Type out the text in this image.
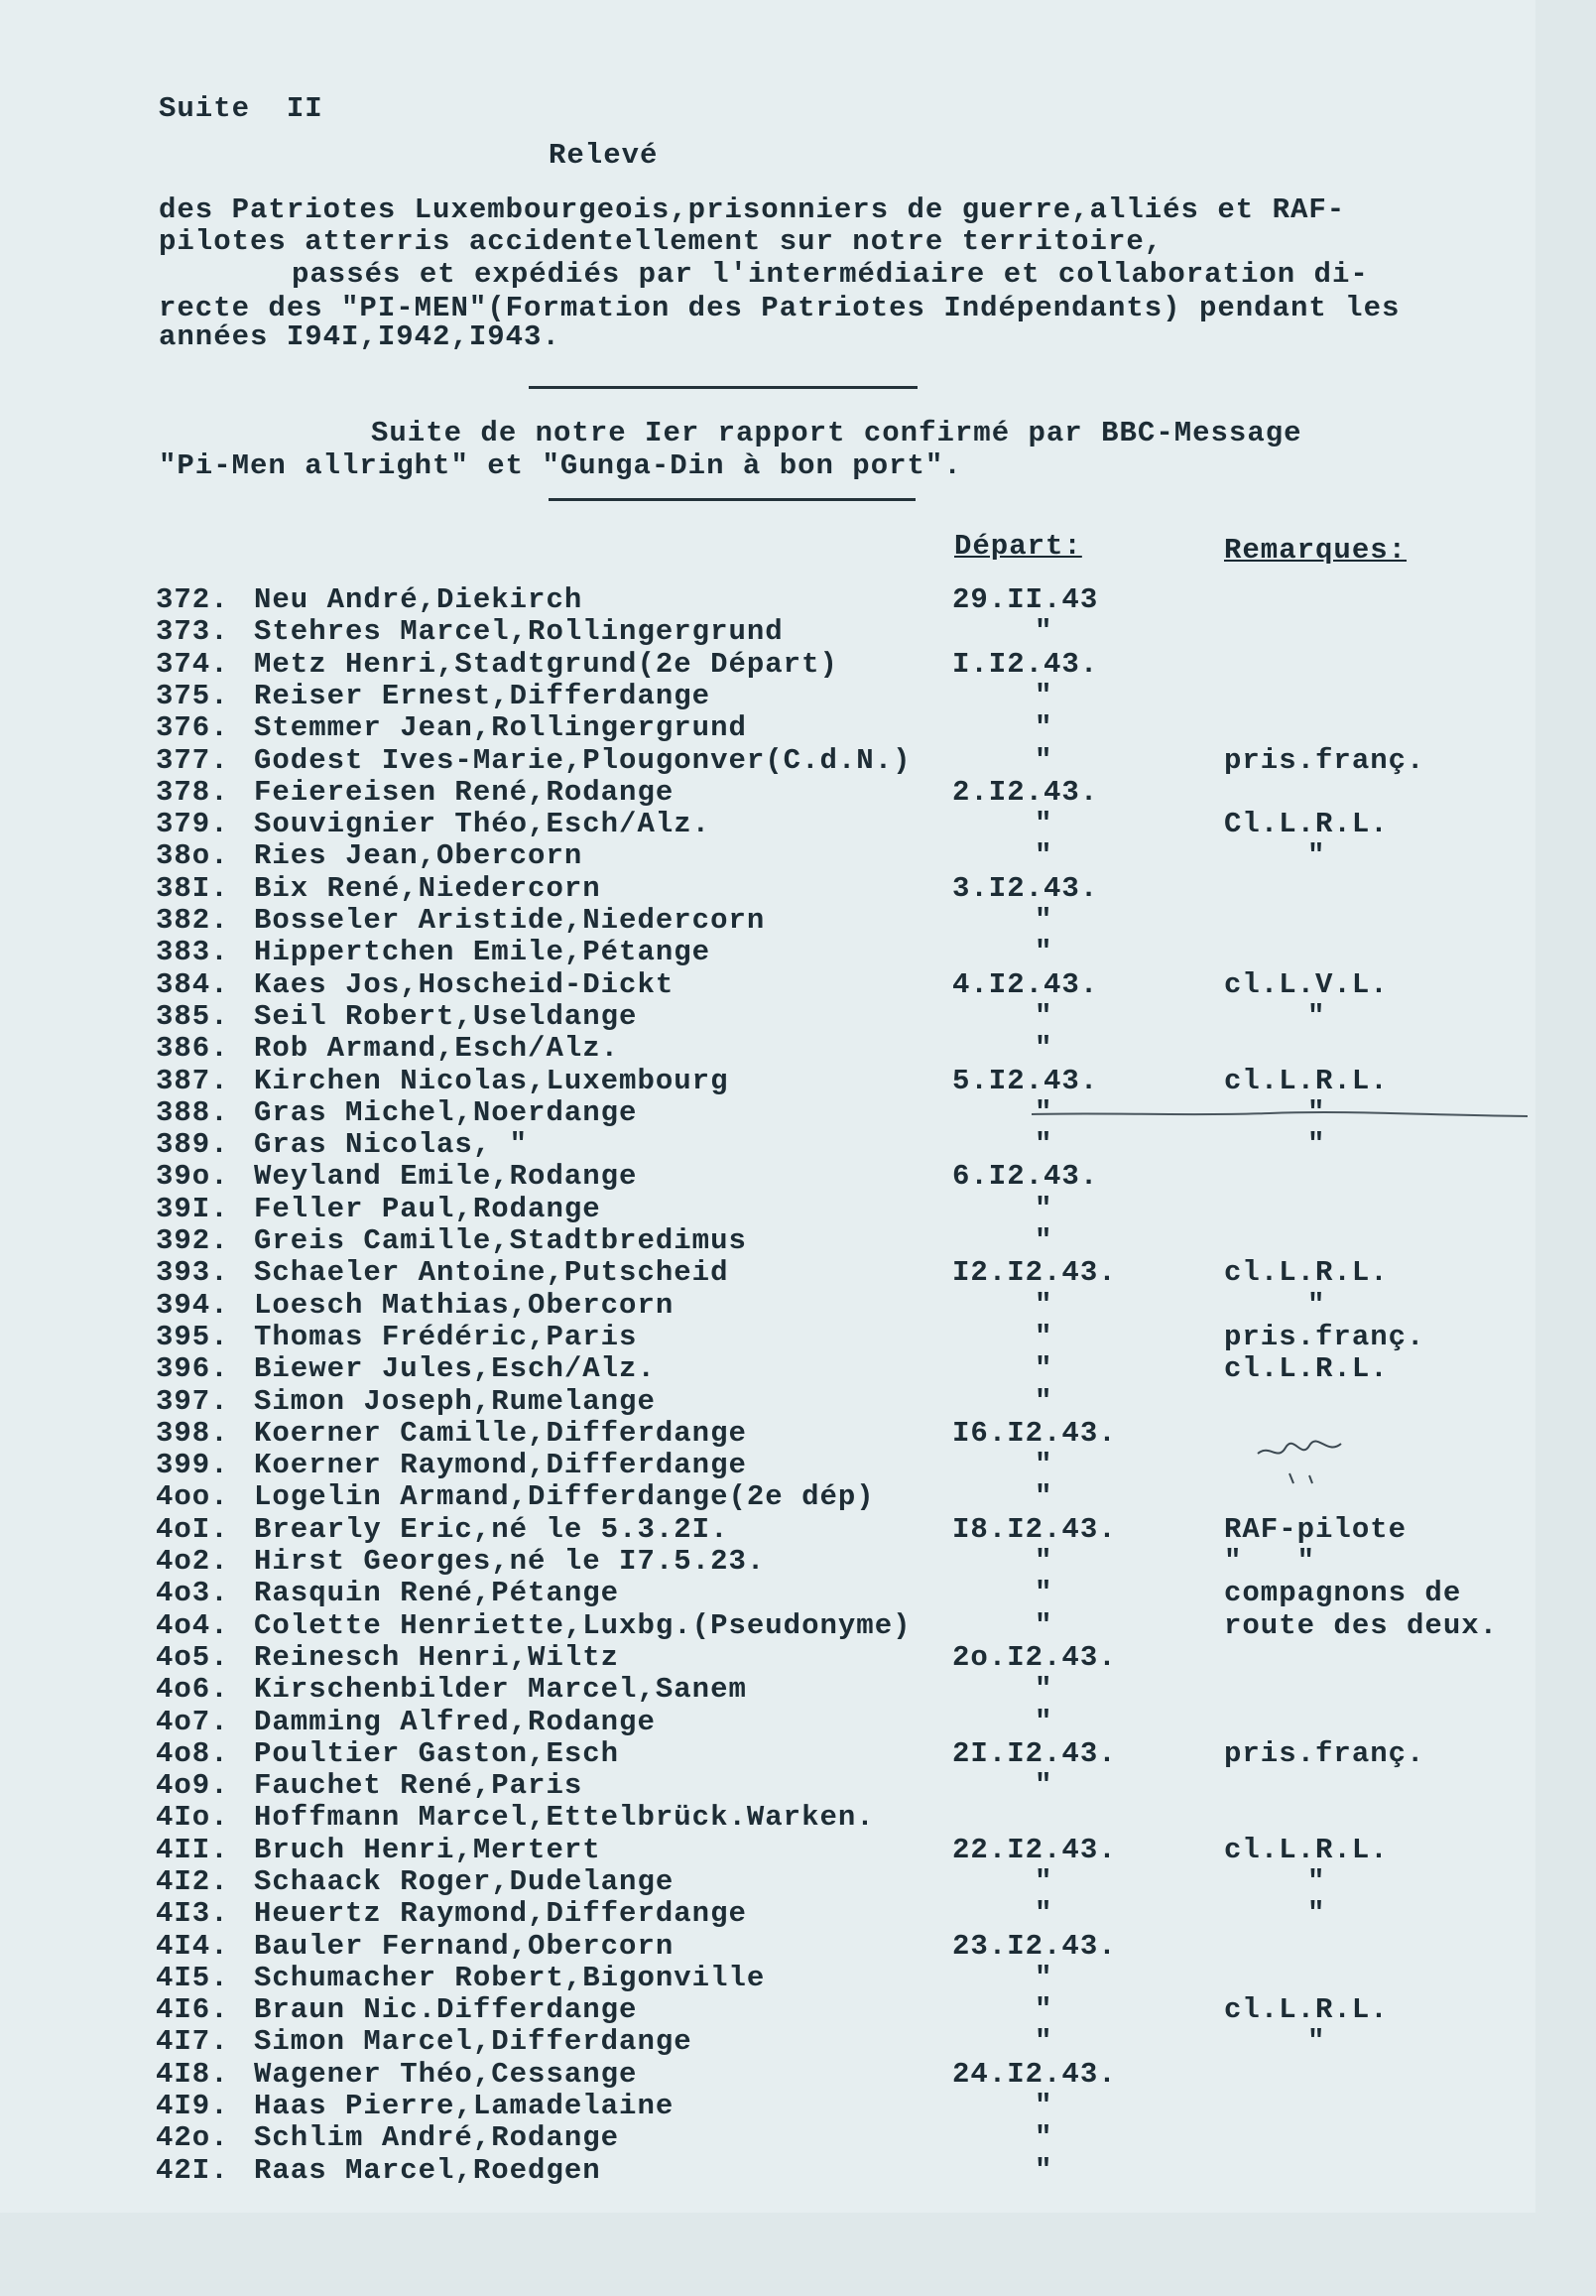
Suite  II
Relevé
des Patriotes Luxembourgeois,prisonniers de guerre,alliés et RAF-
pilotes atterris accidentellement sur notre territoire,
passés et expédiés par l'intermédiaire et collaboration di-
recte des "PI-MEN"(Formation des Patriotes Indépendants) pendant les
années I94I,I942,I943.
Suite de notre Ier rapport confirmé par BBC-Message
"Pi-Men allright" et "Gunga-Din à bon port".
Départ:	Remarques:
372. Neu André,Diekirch	29.II.43
373. Stehres Marcel,Rollingergrund	"
374. Metz Henri,Stadtgrund(2e Départ)	I.I2.43.
375. Reiser Ernest,Differdange	"
376. Stemmer Jean,Rollingergrund	"
377. Godest Ives-Marie,Plougonver(C.d.N.)	"	pris.franç.
378. Feiereisen René,Rodange	2.I2.43.
379. Souvignier Théo,Esch/Alz.	"	Cl.L.R.L.
38o. Ries Jean,Obercorn	"	"
38I. Bix René,Niedercorn	3.I2.43.
382. Bosseler Aristide,Niedercorn	"
383. Hippertchen Emile,Pétange	"
384. Kaes Jos,Hoscheid-Dickt	4.I2.43.	cl.L.V.L.
385. Seil Robert,Useldange	"	"
386. Rob Armand,Esch/Alz.	"
387. Kirchen Nicolas,Luxembourg	5.I2.43.	cl.L.R.L.
388. Gras Michel,Noerdange	"	"
389. Gras Nicolas, "	"	"
39o. Weyland Emile,Rodange	6.I2.43.
39I. Feller Paul,Rodange	"
392. Greis Camille,Stadtbredimus	"
393. Schaeler Antoine,Putscheid	I2.I2.43.	cl.L.R.L.
394. Loesch Mathias,Obercorn	"	"
395. Thomas Frédéric,Paris	"	pris.franç.
396. Biewer Jules,Esch/Alz.	"	cl.L.R.L.
397. Simon Joseph,Rumelange	"
398. Koerner Camille,Differdange	I6.I2.43.
399. Koerner Raymond,Differdange	"
4oo. Logelin Armand,Differdange(2e dép)	"
4oI. Brearly Eric,né le 5.3.2I.	I8.I2.43.	RAF-pilote
4o2. Hirst Georges,né le I7.5.23.	"	"   "
4o3. Rasquin René,Pétange	"	compagnons de
4o4. Colette Henriette,Luxbg.(Pseudonyme)	"	route des deux.
4o5. Reinesch Henri,Wiltz	2o.I2.43.
4o6. Kirschenbilder Marcel,Sanem	"
4o7. Damming Alfred,Rodange	"
4o8. Poultier Gaston,Esch	2I.I2.43.	pris.franç.
4o9. Fauchet René,Paris	"
4Io. Hoffmann Marcel,Ettelbrück.Warken.
4II. Bruch Henri,Mertert	22.I2.43.	cl.L.R.L.
4I2. Schaack Roger,Dudelange	"	"
4I3. Heuertz Raymond,Differdange	"	"
4I4. Bauler Fernand,Obercorn	23.I2.43.
4I5. Schumacher Robert,Bigonville	"
4I6. Braun Nic.Differdange	"	cl.L.R.L.
4I7. Simon Marcel,Differdange	"	"
4I8. Wagener Théo,Cessange	24.I2.43.
4I9. Haas Pierre,Lamadelaine	"
42o. Schlim André,Rodange	"
42I. Raas Marcel,Roedgen	"
